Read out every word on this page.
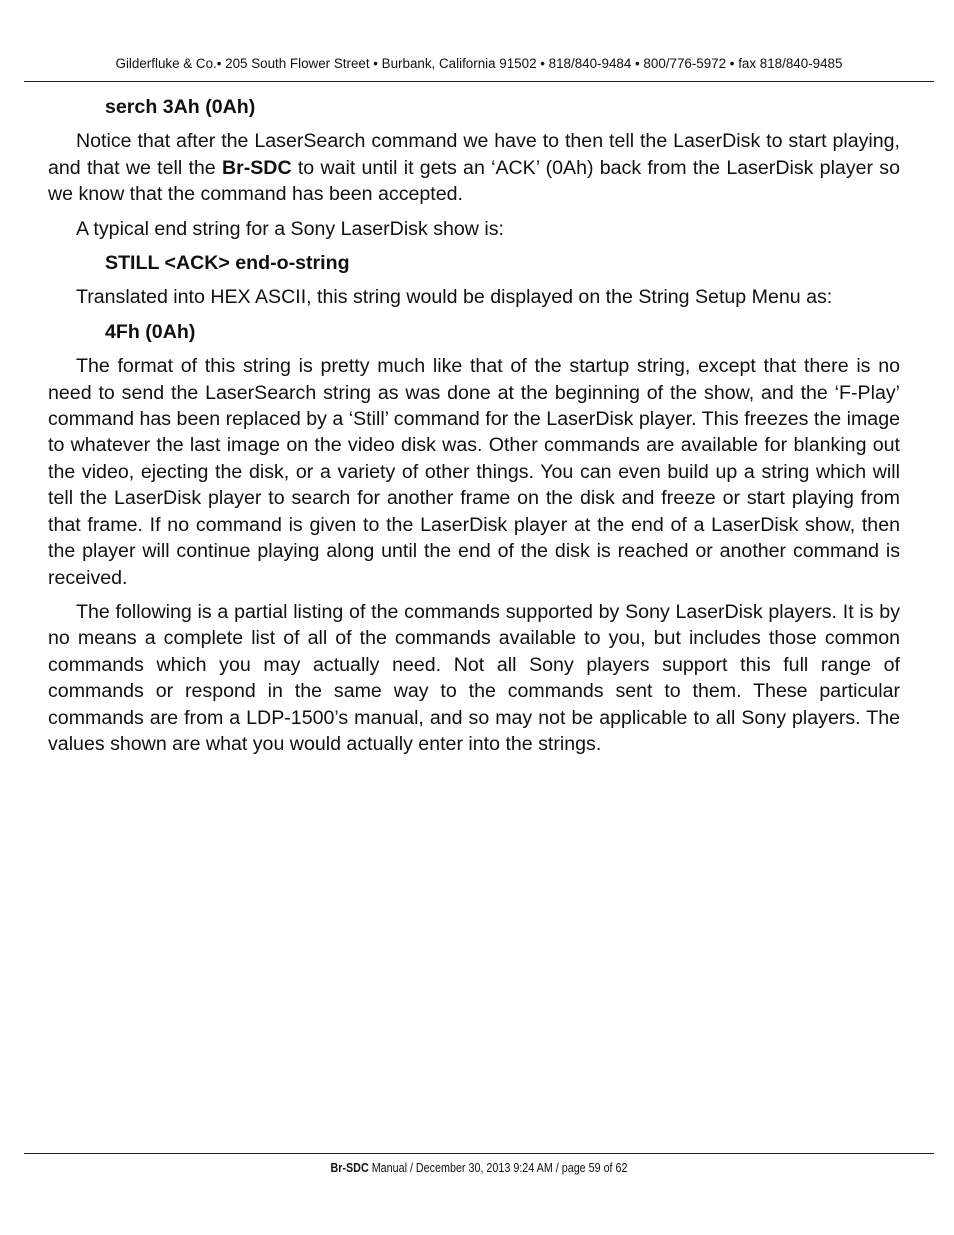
Gilderfluke & Co.• 205 South Flower Street • Burbank, California 91502 • 818/840-9484 • 800/776-5972 • fax 818/840-9485

serch 3Ah (0Ah)

Notice that after the LaserSearch command we have to then tell the LaserDisk to start playing, and that we tell the Br-SDC to wait until it gets an ‘ACK’ (0Ah) back from the LaserDisk player so we know that the command has been accepted.

A typical end string for a Sony LaserDisk show is:

STILL <ACK> end-o-string

Translated into HEX ASCII, this string would be displayed on the String Setup Menu as:

4Fh (0Ah)

The format of this string is pretty much like that of the startup string, except that there is no need to send the LaserSearch string as was done at the beginning of the show, and the ‘F-Play’ command has been replaced by a ‘Still’ command for the LaserDisk player. This freezes the image to whatever the last image on the video disk was. Other commands are available for blanking out the video, ejecting the disk, or a variety of other things. You can even build up a string which will tell the LaserDisk player to search for another frame on the disk and freeze or start playing from that frame. If no command is given to the LaserDisk player at the end of a LaserDisk show, then the player will continue playing along until the end of the disk is reached or another command is received.

The following is a partial listing of the commands supported by Sony LaserDisk players. It is by no means a complete list of all of the commands available to you, but includes those common commands which you may actually need. Not all Sony players support this full range of commands or respond in the same way to the commands sent to them. These particular commands are from a LDP-1500’s manual, and so may not be applicable to all Sony players. The values shown are what you would actually enter into the strings.

Br-SDC Manual / December 30, 2013 9:24 AM / page 59 of 62
